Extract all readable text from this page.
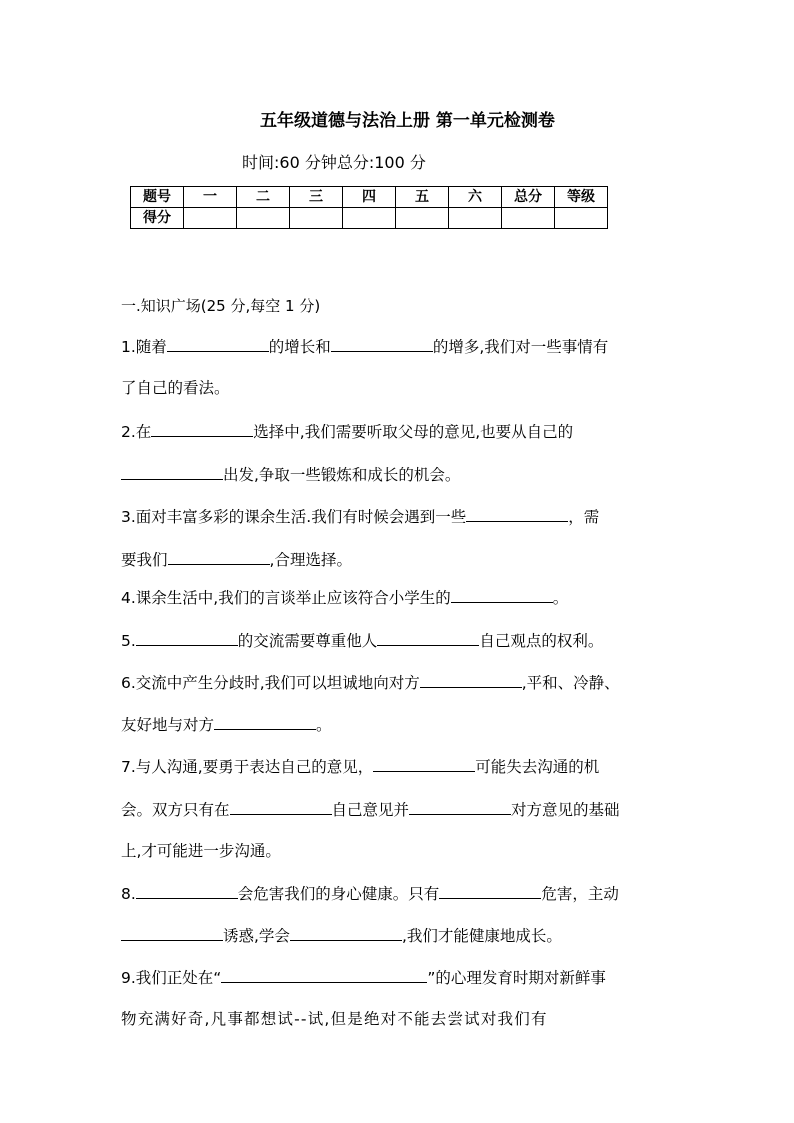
五年级道德与法治上册 第一单元检测卷
时间:60 分钟总分:100 分
题号	一	二	三	四	五	六	总分	等级
得分								
一.知识广场(25 分,每空 1 分)
1.随着	的增长和	的增多,我们对一些事情有
了自己的看法。
2.在	选择中,我们需要听取父母的意见,也要从自己的
出发,争取一些锻炼和成长的机会。
3.面对丰富多彩的课余生活.我们有时候会遇到一些	，需
要我们	,合理选择。
4.课余生活中,我们的言谈举止应该符合小学生的	。
5.	的交流需要尊重他人	自己观点的权利。
6.交流中产生分歧时,我们可以坦诚地向对方	,平和、冷静、
友好地与对方	。
7.与人沟通,要勇于表达自己的意见，	可能失去沟通的机
会。双方只有在	自己意见并	对方意见的基础
上,才可能进一步沟通。
8.	会危害我们的身心健康。只有	危害，主动
诱惑,学会	,我们才能健康地成长。
9.我们正处在“	”的心理发育时期对新鲜事
物充满好奇,凡事都想试--试,但是绝对不能去尝试对我们有
